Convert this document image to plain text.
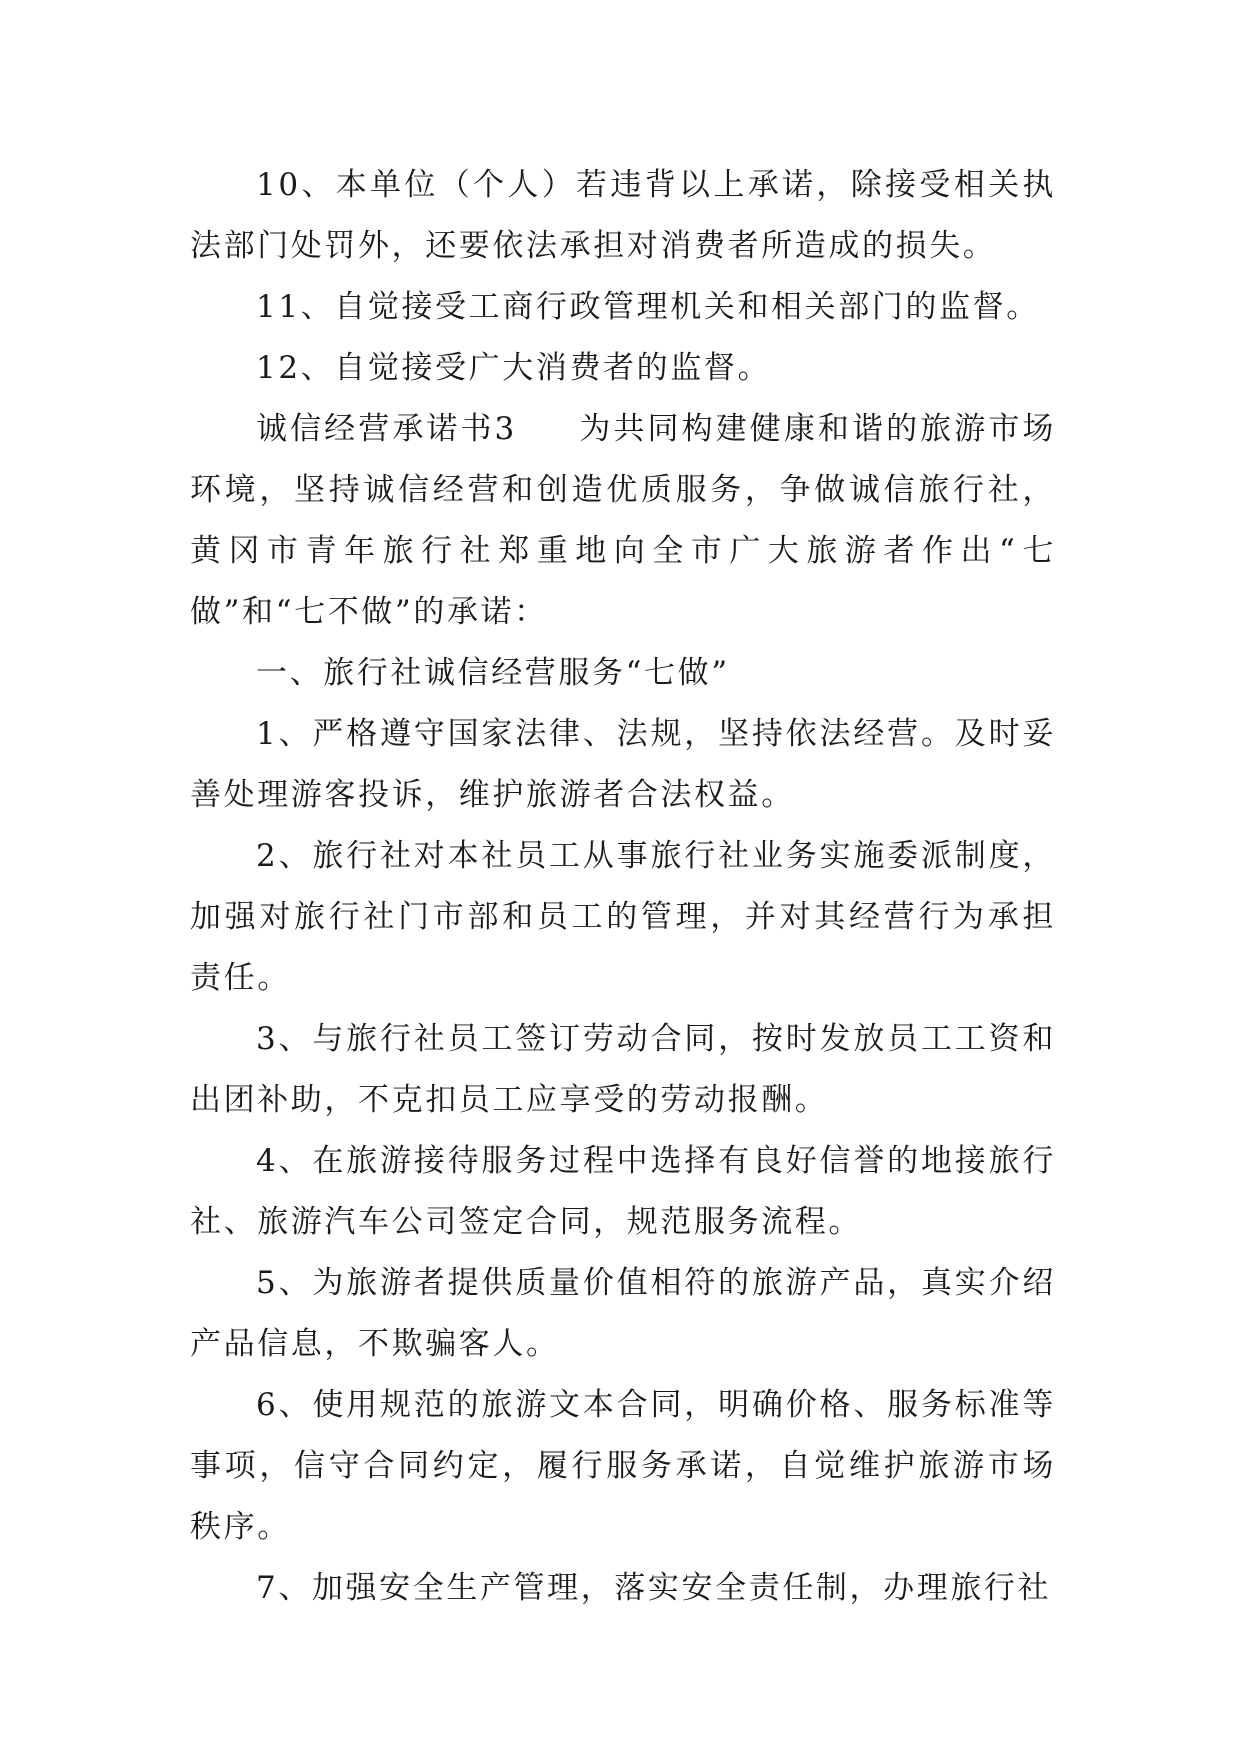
10、本单位（个人）若违背以上承诺，除接受相关执法部门处罚外，还要依法承担对消费者所造成的损失。

11、自觉接受工商行政管理机关和相关部门的监督。

12、自觉接受广大消费者的监督。

诚信经营承诺书3 为共同构建健康和谐的旅游市场环境，坚持诚信经营和创造优质服务，争做诚信旅行社，黄冈市青年旅行社郑重地向全市广大旅游者作出“七做”和“七不做”的承诺：

一、旅行社诚信经营服务“七做”

1、严格遵守国家法律、法规，坚持依法经营。及时妥善处理游客投诉，维护旅游者合法权益。

2、旅行社对本社员工从事旅行社业务实施委派制度，加强对旅行社门市部和员工的管理，并对其经营行为承担责任。

3、与旅行社员工签订劳动合同，按时发放员工工资和出团补助，不克扣员工应享受的劳动报酬。

4、在旅游接待服务过程中选择有良好信誉的地接旅行社、旅游汽车公司签定合同，规范服务流程。

5、为旅游者提供质量价值相符的旅游产品，真实介绍产品信息，不欺骗客人。

6、使用规范的旅游文本合同，明确价格、服务标准等事项，信守合同约定，履行服务承诺，自觉维护旅游市场秩序。

7、加强安全生产管理，落实安全责任制，办理旅行社
